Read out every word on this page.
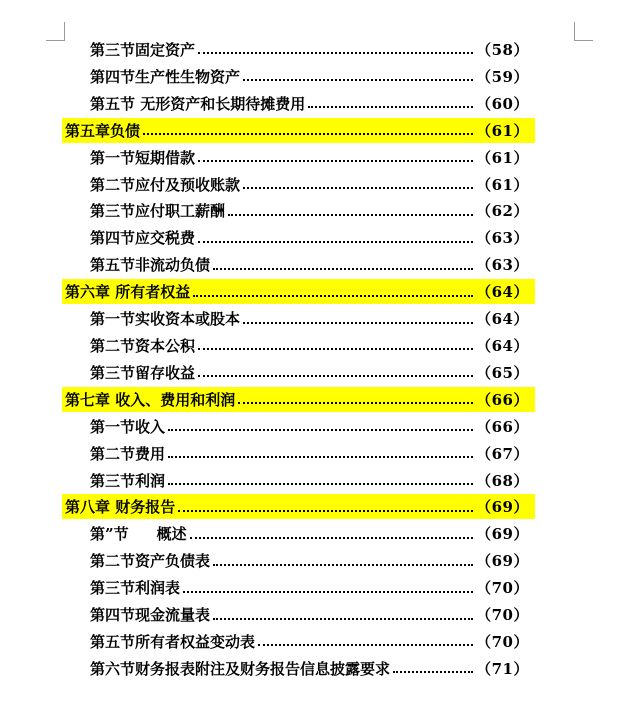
第三节固定资产	（58）
第四节生产性生物资产	（59）
第五节 无形资产和长期待摊费用	（60）
第五章负债	（61）
第一节短期借款	（61）
第二节应付及预收账款	（61）
第三节应付职工薪酬	（62）
第四节应交税费	（63）
第五节非流动负债	（63）
第六章 所有者权益	（64）
第一节实收资本或股本	（64）
第二节资本公积	（64）
第三节留存收益	（65）
第七章 收入、费用和利润	（66）
第一节收入	（66）
第二节费用	（67）
第三节利润	（68）
第八章 财务报告	（69）
第”节 概述	（69）
第二节资产负债表	（69）
第三节利润表	（70）
第四节现金流量表	（70）
第五节所有者权益变动表	（70）
第六节财务报表附注及财务报告信息披露要求	（71）
